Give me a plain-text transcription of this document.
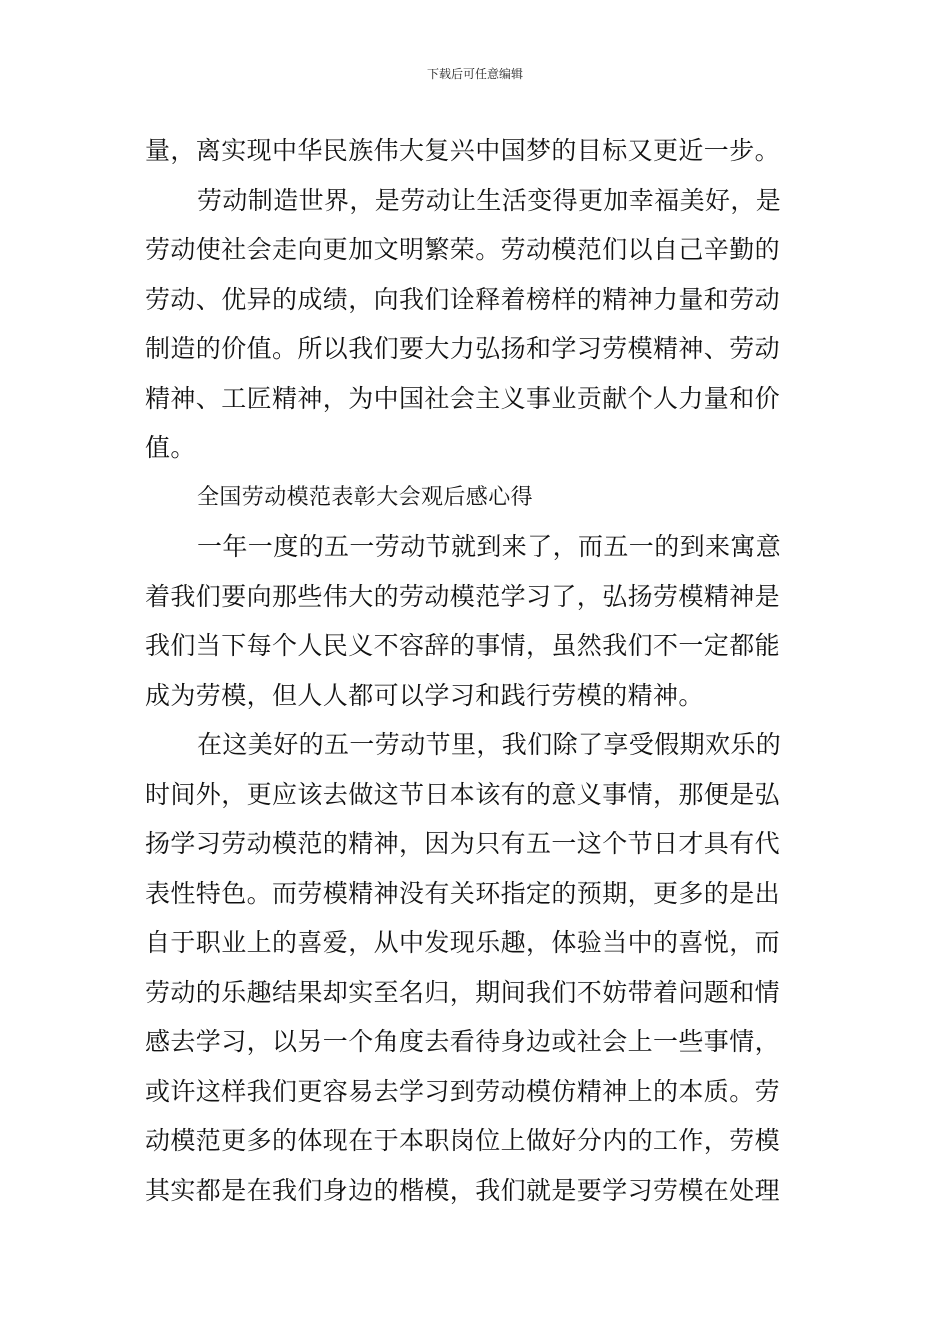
下载后可任意编辑
量，离实现中华民族伟大复兴中国梦的目标又更近一步。
劳动制造世界，是劳动让生活变得更加幸福美好，是
劳动使社会走向更加文明繁荣。劳动模范们以自己辛勤的
劳动、优异的成绩，向我们诠释着榜样的精神力量和劳动
制造的价值。所以我们要大力弘扬和学习劳模精神、劳动
精神、工匠精神，为中国社会主义事业贡献个人力量和价
值。
全国劳动模范表彰大会观后感心得
一年一度的五一劳动节就到来了，而五一的到来寓意
着我们要向那些伟大的劳动模范学习了，弘扬劳模精神是
我们当下每个人民义不容辞的事情，虽然我们不一定都能
成为劳模，但人人都可以学习和践行劳模的精神。
在这美好的五一劳动节里，我们除了享受假期欢乐的
时间外，更应该去做这节日本该有的意义事情，那便是弘
扬学习劳动模范的精神，因为只有五一这个节日才具有代
表性特色。而劳模精神没有关环指定的预期，更多的是出
自于职业上的喜爱，从中发现乐趣，体验当中的喜悦，而
劳动的乐趣结果却实至名归，期间我们不妨带着问题和情
感去学习，以另一个角度去看待身边或社会上一些事情，
或许这样我们更容易去学习到劳动模仿精神上的本质。劳
动模范更多的体现在于本职岗位上做好分内的工作，劳模
其实都是在我们身边的楷模，我们就是要学习劳模在处理
